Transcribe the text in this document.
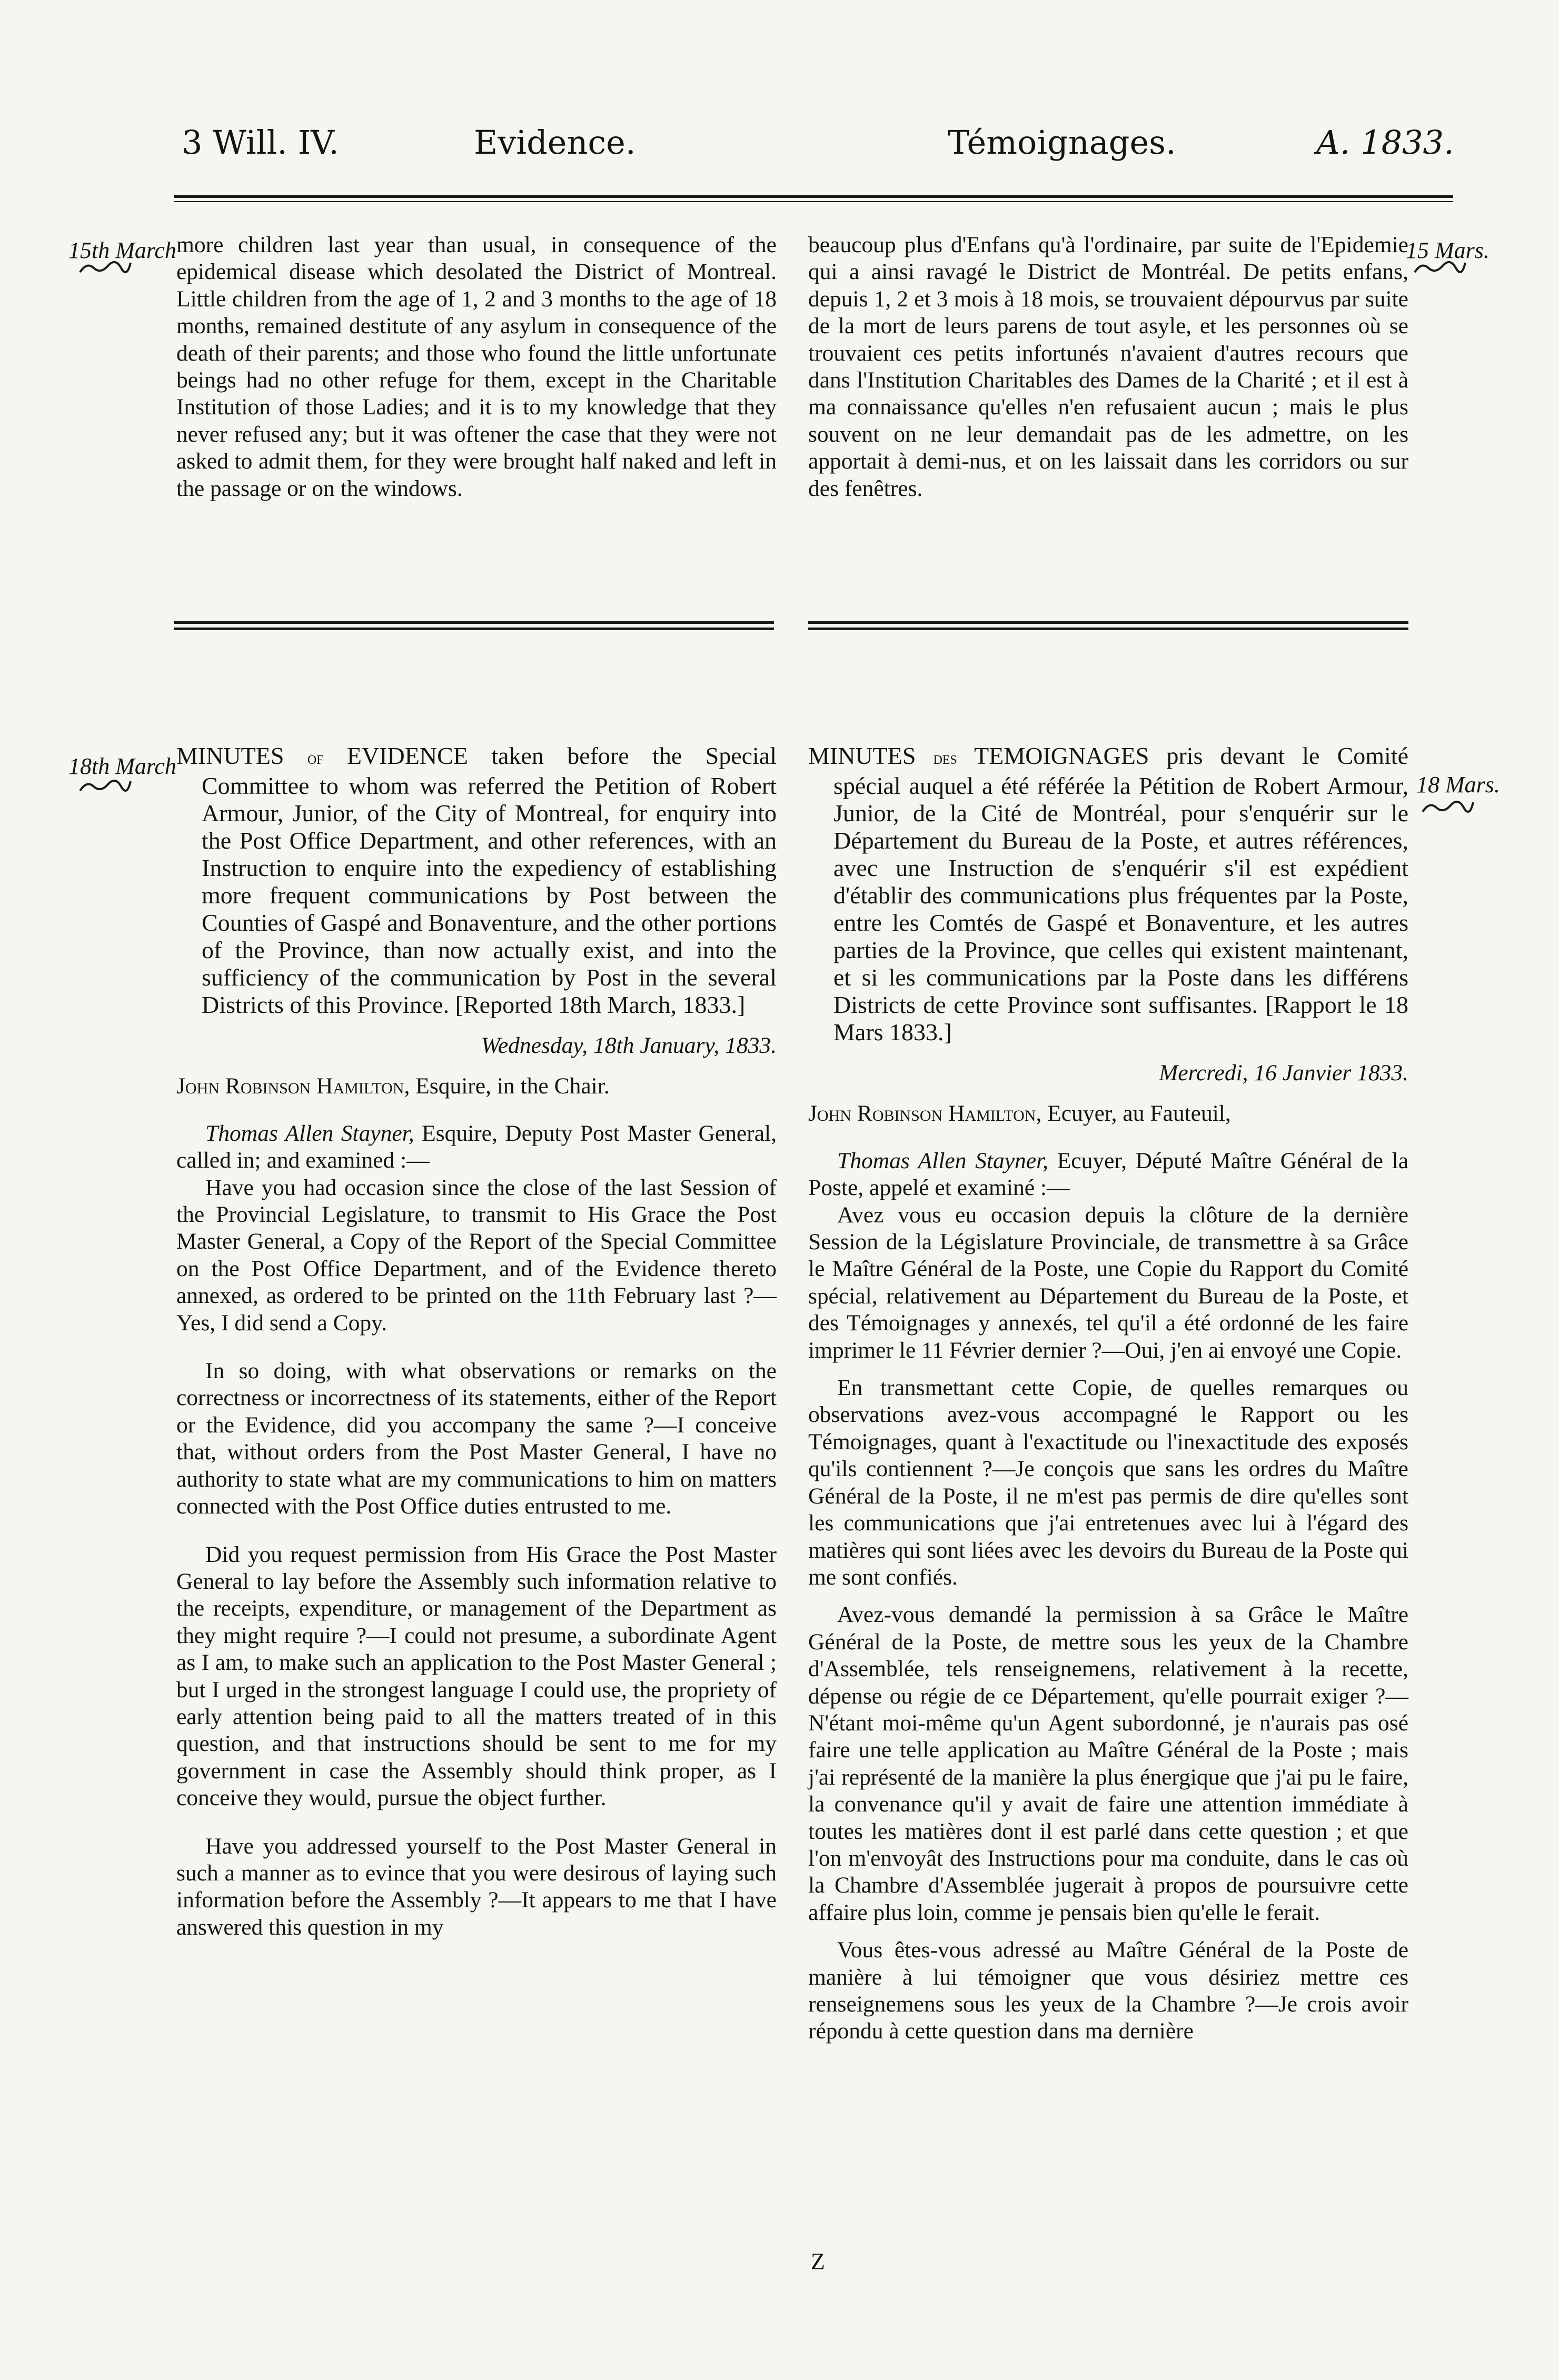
3 Will. IV.	Evidence.	Témoignages.	A. 1833.
15th March	15 Mars.

more children last year than usual, in consequence of the epidemical disease which desolated the District of Montreal. Little children from the age of 1, 2 and 3 months to the age of 18 months, remained destitute of any asylum in consequence of the death of their parents; and those who found the little unfortunate beings had no other refuge for them, except in the Charitable Institution of those Ladies; and it is to my knowledge that they never refused any; but it was oftener the case that they were not asked to admit them, for they were brought half naked and left in the passage or on the windows.

beaucoup plus d'Enfans qu'à l'ordinaire, par suite de l'Epidemie qui a ainsi ravagé le District de Montréal. De petits enfans, depuis 1, 2 et 3 mois à 18 mois, se trouvaient dépourvus par suite de la mort de leurs parens de tout asyle, et les personnes où se trouvaient ces petits infortunés n'avaient d'autres recours que dans l'Institution Charitables des Dames de la Charité ; et il est à ma connaissance qu'elles n'en refusaient aucun ; mais le plus souvent on ne leur demandait pas de les admettre, on les apportait à demi-nus, et on les laissait dans les corridors ou sur des fenêtres.

18th March
18 Mars.

MINUTES of EVIDENCE taken before the Special Committee to whom was referred the Petition of Robert Armour, Junior, of the City of Montreal, for enquiry into the Post Office Department, and other references, with an Instruction to enquire into the expediency of establishing more frequent communications by Post between the Counties of Gaspé and Bonaventure, and the other portions of the Province, than now actually exist, and into the sufficiency of the communication by Post in the several Districts of this Province. [Reported 18th March, 1833.]

Wednesday, 18th January, 1833.

John Robinson Hamilton, Esquire, in the Chair.

Thomas Allen Stayner, Esquire, Deputy Post Master General, called in; and examined :—

Have you had occasion since the close of the last Session of the Provincial Legislature, to transmit to His Grace the Post Master General, a Copy of the Report of the Special Committee on the Post Office Department, and of the Evidence thereto annexed, as ordered to be printed on the 11th February last ?—Yes, I did send a Copy.

In so doing, with what observations or remarks on the correctness or incorrectness of its statements, either of the Report or the Evidence, did you accompany the same ?—I conceive that, without orders from the Post Master General, I have no authority to state what are my communications to him on matters connected with the Post Office duties entrusted to me.

Did you request permission from His Grace the Post Master General to lay before the Assembly such information relative to the receipts, expenditure, or management of the Department as they might require ?—I could not presume, a subordinate Agent as I am, to make such an application to the Post Master General ; but I urged in the strongest language I could use, the propriety of early attention being paid to all the matters treated of in this question, and that instructions should be sent to me for my government in case the Assembly should think proper, as I conceive they would, pursue the object further.

Have you addressed yourself to the Post Master General in such a manner as to evince that you were desirous of laying such information before the Assembly ?—It appears to me that I have answered this question in my

MINUTES des TEMOIGNAGES pris devant le Comité spécial auquel a été référée la Pétition de Robert Armour, Junior, de la Cité de Montréal, pour s'enquérir sur le Département du Bureau de la Poste, et autres références, avec une Instruction de s'enquérir s'il est expédient d'établir des communications plus fréquentes par la Poste, entre les Comtés de Gaspé et Bonaventure, et les autres parties de la Province, que celles qui existent maintenant, et si les communications par la Poste dans les différens Districts de cette Province sont suffisantes. [Rapport le 18 Mars 1833.]

Mercredi, 16 Janvier 1833.

John Robinson Hamilton, Ecuyer, au Fauteuil,

Thomas Allen Stayner, Ecuyer, Député Maître Général de la Poste, appelé et examiné :—

Avez vous eu occasion depuis la clôture de la dernière Session de la Législature Provinciale, de transmettre à sa Grâce le Maître Général de la Poste, une Copie du Rapport du Comité spécial, relativement au Département du Bureau de la Poste, et des Témoignages y annexés, tel qu'il a été ordonné de les faire imprimer le 11 Février dernier ?—Oui, j'en ai envoyé une Copie.

En transmettant cette Copie, de quelles remarques ou observations avez-vous accompagné le Rapport ou les Témoignages, quant à l'exactitude ou l'inexactitude des exposés qu'ils contiennent ?—Je conçois que sans les ordres du Maître Général de la Poste, il ne m'est pas permis de dire qu'elles sont les communications que j'ai entretenues avec lui à l'égard des matières qui sont liées avec les devoirs du Bureau de la Poste qui me sont confiés.

Avez-vous demandé la permission à sa Grâce le Maître Général de la Poste, de mettre sous les yeux de la Chambre d'Assemblée, tels renseignemens, relativement à la recette, dépense ou régie de ce Département, qu'elle pourrait exiger ?—N'étant moi-même qu'un Agent subordonné, je n'aurais pas osé faire une telle application au Maître Général de la Poste ; mais j'ai représenté de la manière la plus énergique que j'ai pu le faire, la convenance qu'il y avait de faire une attention immédiate à toutes les matières dont il est parlé dans cette question ; et que l'on m'envoyât des Instructions pour ma conduite, dans le cas où la Chambre d'Assemblée jugerait à propos de poursuivre cette affaire plus loin, comme je pensais bien qu'elle le ferait.

Vous êtes-vous adressé au Maître Général de la Poste de manière à lui témoigner que vous désiriez mettre ces renseignemens sous les yeux de la Chambre ?—Je crois avoir répondu à cette question dans ma dernière

Z
